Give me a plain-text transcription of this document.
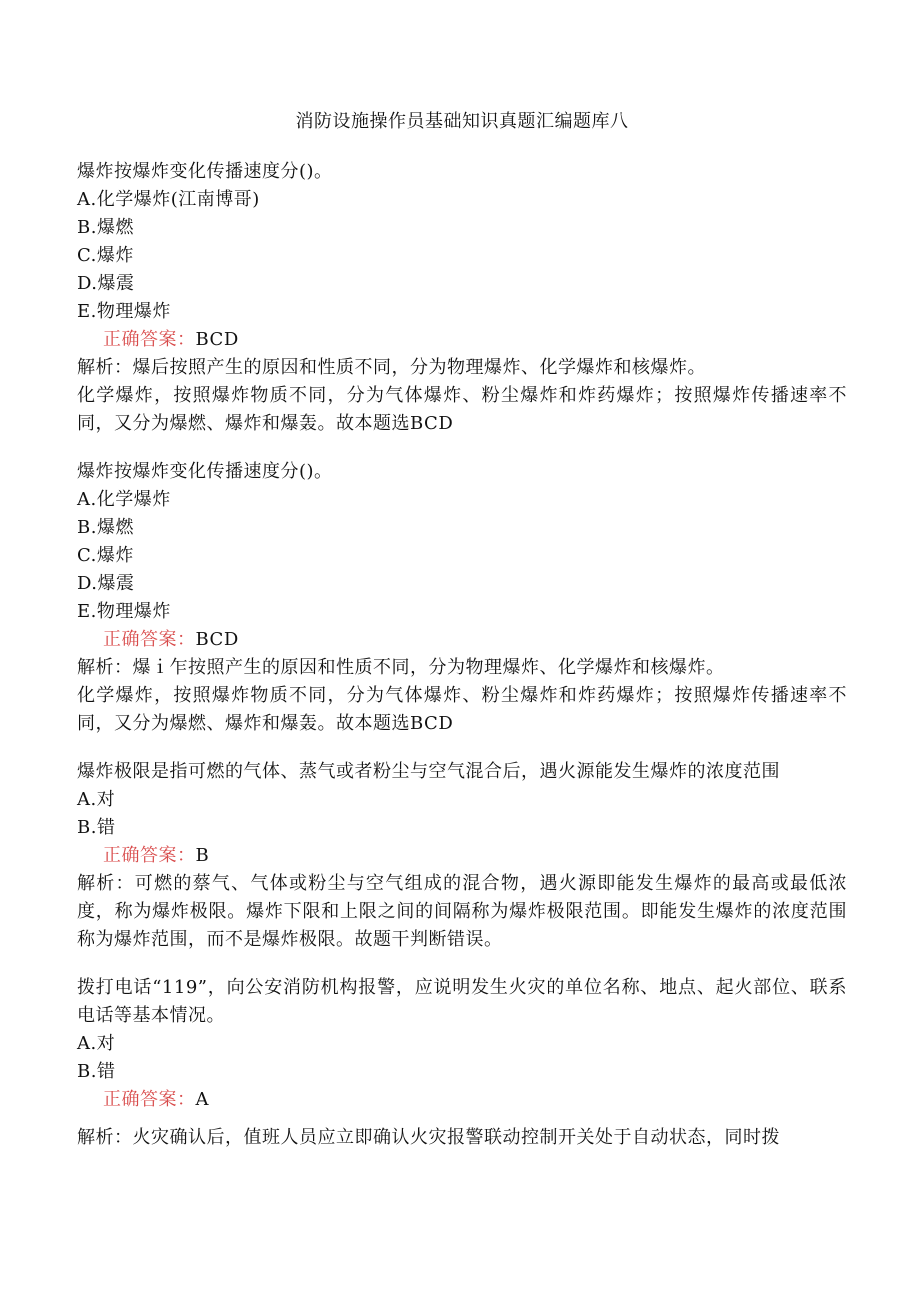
消防设施操作员基础知识真题汇编题库八
爆炸按爆炸变化传播速度分()。
A.化学爆炸(江南博哥)
B.爆燃
C.爆炸
D.爆震
E.物理爆炸
正确答案：BCD
解析：爆后按照产生的原因和性质不同，分为物理爆炸、化学爆炸和核爆炸。
化学爆炸，按照爆炸物质不同，分为气体爆炸、粉尘爆炸和炸药爆炸；按照爆炸传播速率不同，又分为爆燃、爆炸和爆轰。故本题选BCD
爆炸按爆炸变化传播速度分()。
A.化学爆炸
B.爆燃
C.爆炸
D.爆震
E.物理爆炸
正确答案：BCD
解析：爆ｉ乍按照产生的原因和性质不同，分为物理爆炸、化学爆炸和核爆炸。
化学爆炸，按照爆炸物质不同，分为气体爆炸、粉尘爆炸和炸药爆炸；按照爆炸传播速率不同，又分为爆燃、爆炸和爆轰。故本题选BCD
爆炸极限是指可燃的气体、蒸气或者粉尘与空气混合后，遇火源能发生爆炸的浓度范围
A.对
B.错
正确答案：B
解析：可燃的蔡气、气体或粉尘与空气组成的混合物，遇火源即能发生爆炸的最高或最低浓度，称为爆炸极限。爆炸下限和上限之间的间隔称为爆炸极限范围。即能发生爆炸的浓度范围称为爆炸范围，而不是爆炸极限。故题干判断错误。
拨打电话“119”，向公安消防机构报警，应说明发生火灾的单位名称、地点、起火部位、联系电话等基本情况。
A.对
B.错
正确答案：A
解析：火灾确认后，值班人员应立即确认火灾报警联动控制开关处于自动状态，同时拨
